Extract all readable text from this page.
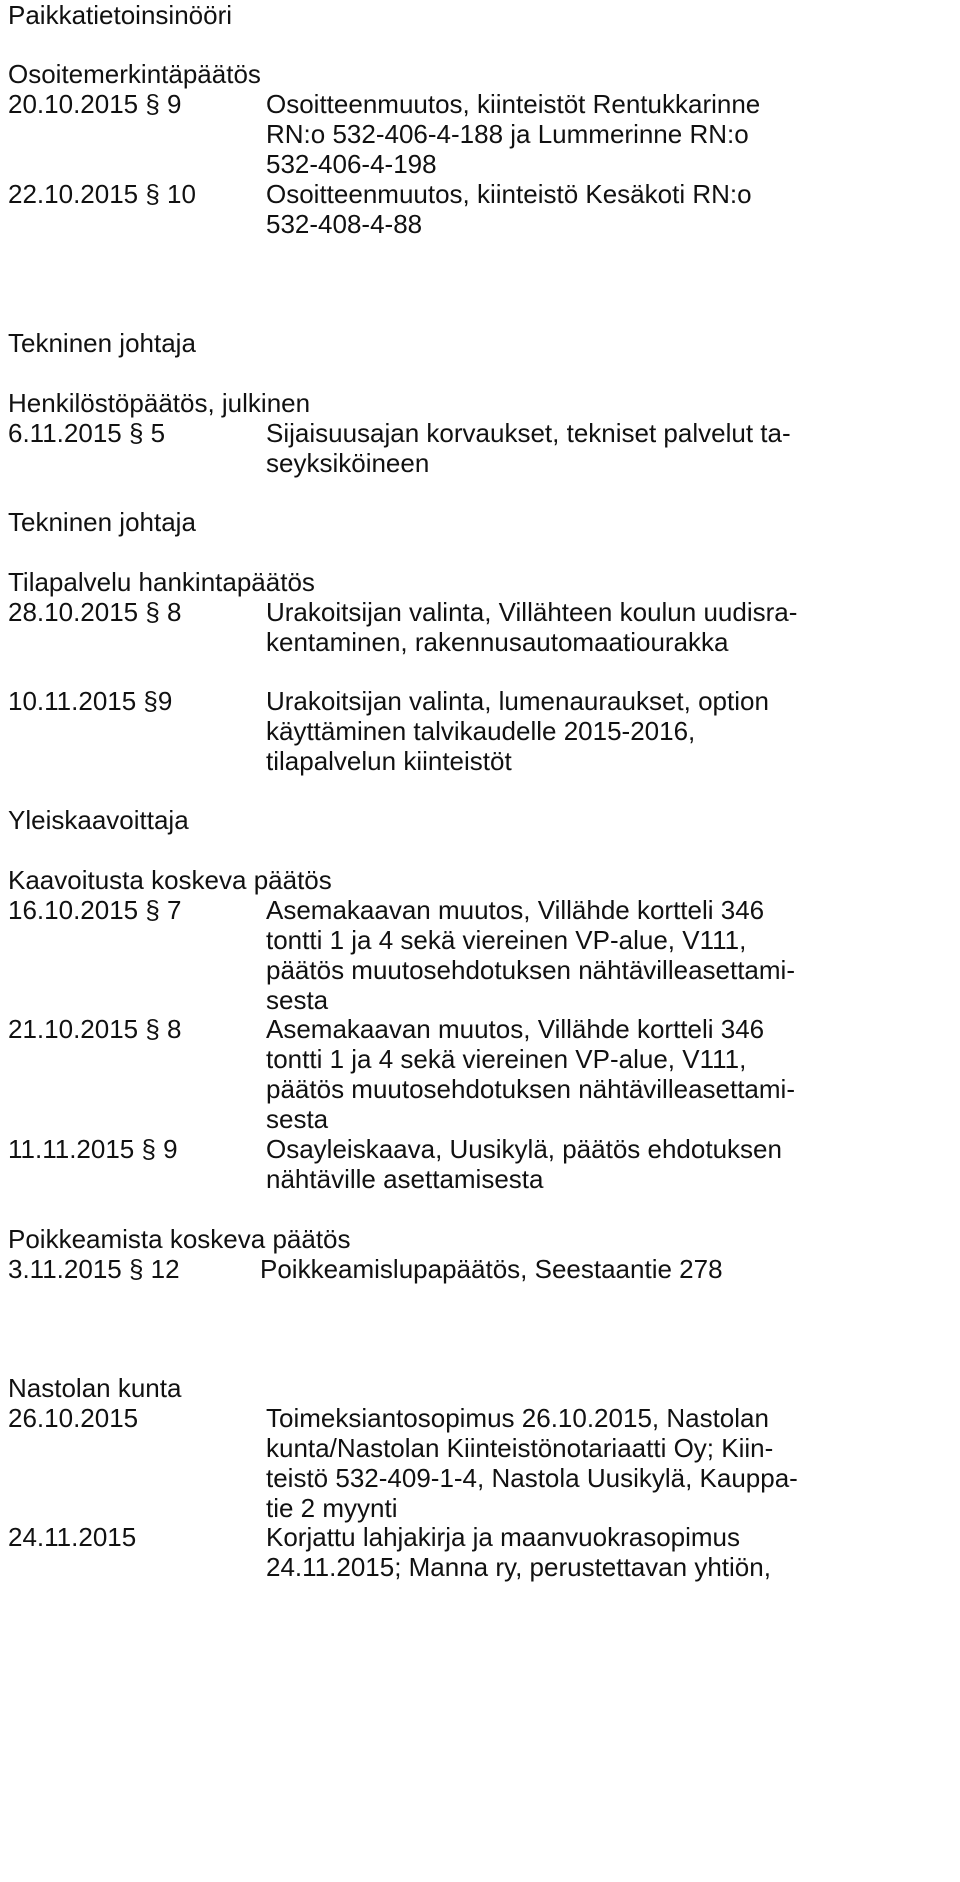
Paikkatietoinsinööri
Osoitemerkintäpäätös
20.10.2015 § 9	Osoitteenmuutos, kiinteistöt Rentukkarinne
RN:o 532-406-4-188 ja Lummerinne RN:o
532-406-4-198
22.10.2015 § 10	Osoitteenmuutos, kiinteistö Kesäkoti RN:o
532-408-4-88
Tekninen johtaja
Henkilöstöpäätös, julkinen
6.11.2015 § 5	Sijaisuusajan korvaukset, tekniset palvelut ta-
seyksiköineen
Tekninen johtaja
Tilapalvelu hankintapäätös
28.10.2015 § 8	Urakoitsijan valinta, Villähteen koulun uudisra-
kentaminen, rakennusautomaatiourakka
10.11.2015 §9	Urakoitsijan valinta, lumenauraukset, option
käyttäminen talvikaudelle 2015-2016,
tilapalvelun kiinteistöt
Yleiskaavoittaja
Kaavoitusta koskeva päätös
16.10.2015 § 7	Asemakaavan muutos, Villähde kortteli 346
tontti 1 ja 4 sekä viereinen VP-alue, V111,
päätös muutosehdotuksen nähtävilleasettami-
sesta
21.10.2015 § 8	Asemakaavan muutos, Villähde kortteli 346
tontti 1 ja 4 sekä viereinen VP-alue, V111,
päätös muutosehdotuksen nähtävilleasettami-
sesta
11.11.2015 § 9	Osayleiskaava, Uusikylä, päätös ehdotuksen
nähtäville asettamisesta
Poikkeamista koskeva päätös
3.11.2015 § 12	Poikkeamislupapäätös, Seestaantie 278
Nastolan kunta
26.10.2015	Toimeksiantosopimus 26.10.2015, Nastolan
kunta/Nastolan Kiinteistönotariaatti Oy; Kiin-
teistö 532-409-1-4, Nastola Uusikylä, Kauppa-
tie 2 myynti
24.11.2015	Korjattu lahjakirja ja maanvuokrasopimus
24.11.2015; Manna ry, perustettavan yhtiön,
